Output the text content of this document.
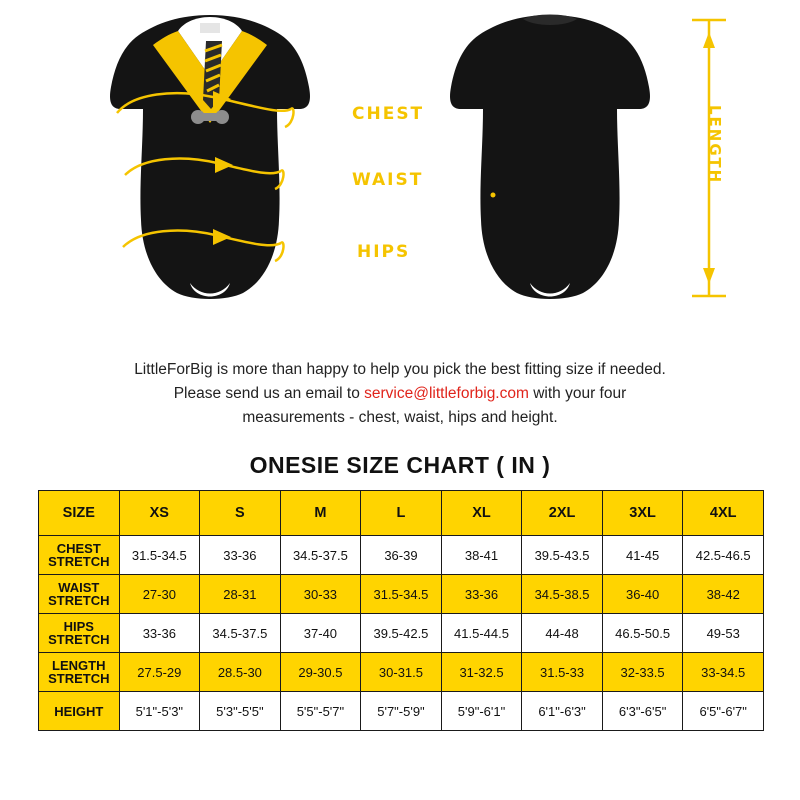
CHEST
WAIST
HIPS
LENGTH
LittleForBig is more than happy to help you pick the best fitting size if needed.
Please send us an email to service@littleforbig.com with your four
measurements - chest, waist, hips and height.
ONESIE SIZE CHART ( IN )
SIZE	XS	S	M	L	XL	2XL	3XL	4XL

CHEST
STRETCH	31.5-34.5	33-36	34.5-37.5	36-39	38-41	39.5-43.5	41-45	42.5-46.5

WAIST
STRETCH	27-30	28-31	30-33	31.5-34.5	33-36	34.5-38.5	36-40	38-42

HIPS
STRETCH	33-36	34.5-37.5	37-40	39.5-42.5	41.5-44.5	44-48	46.5-50.5	49-53

LENGTH
STRETCH	27.5-29	28.5-30	29-30.5	30-31.5	31-32.5	31.5-33	32-33.5	33-34.5

HEIGHT	5'1"-5'3"	5'3"-5'5"	5'5"-5'7"	5'7"-5'9"	5'9"-6'1"	6'1"-6'3"	6'3"-6'5"	6'5"-6'7"
